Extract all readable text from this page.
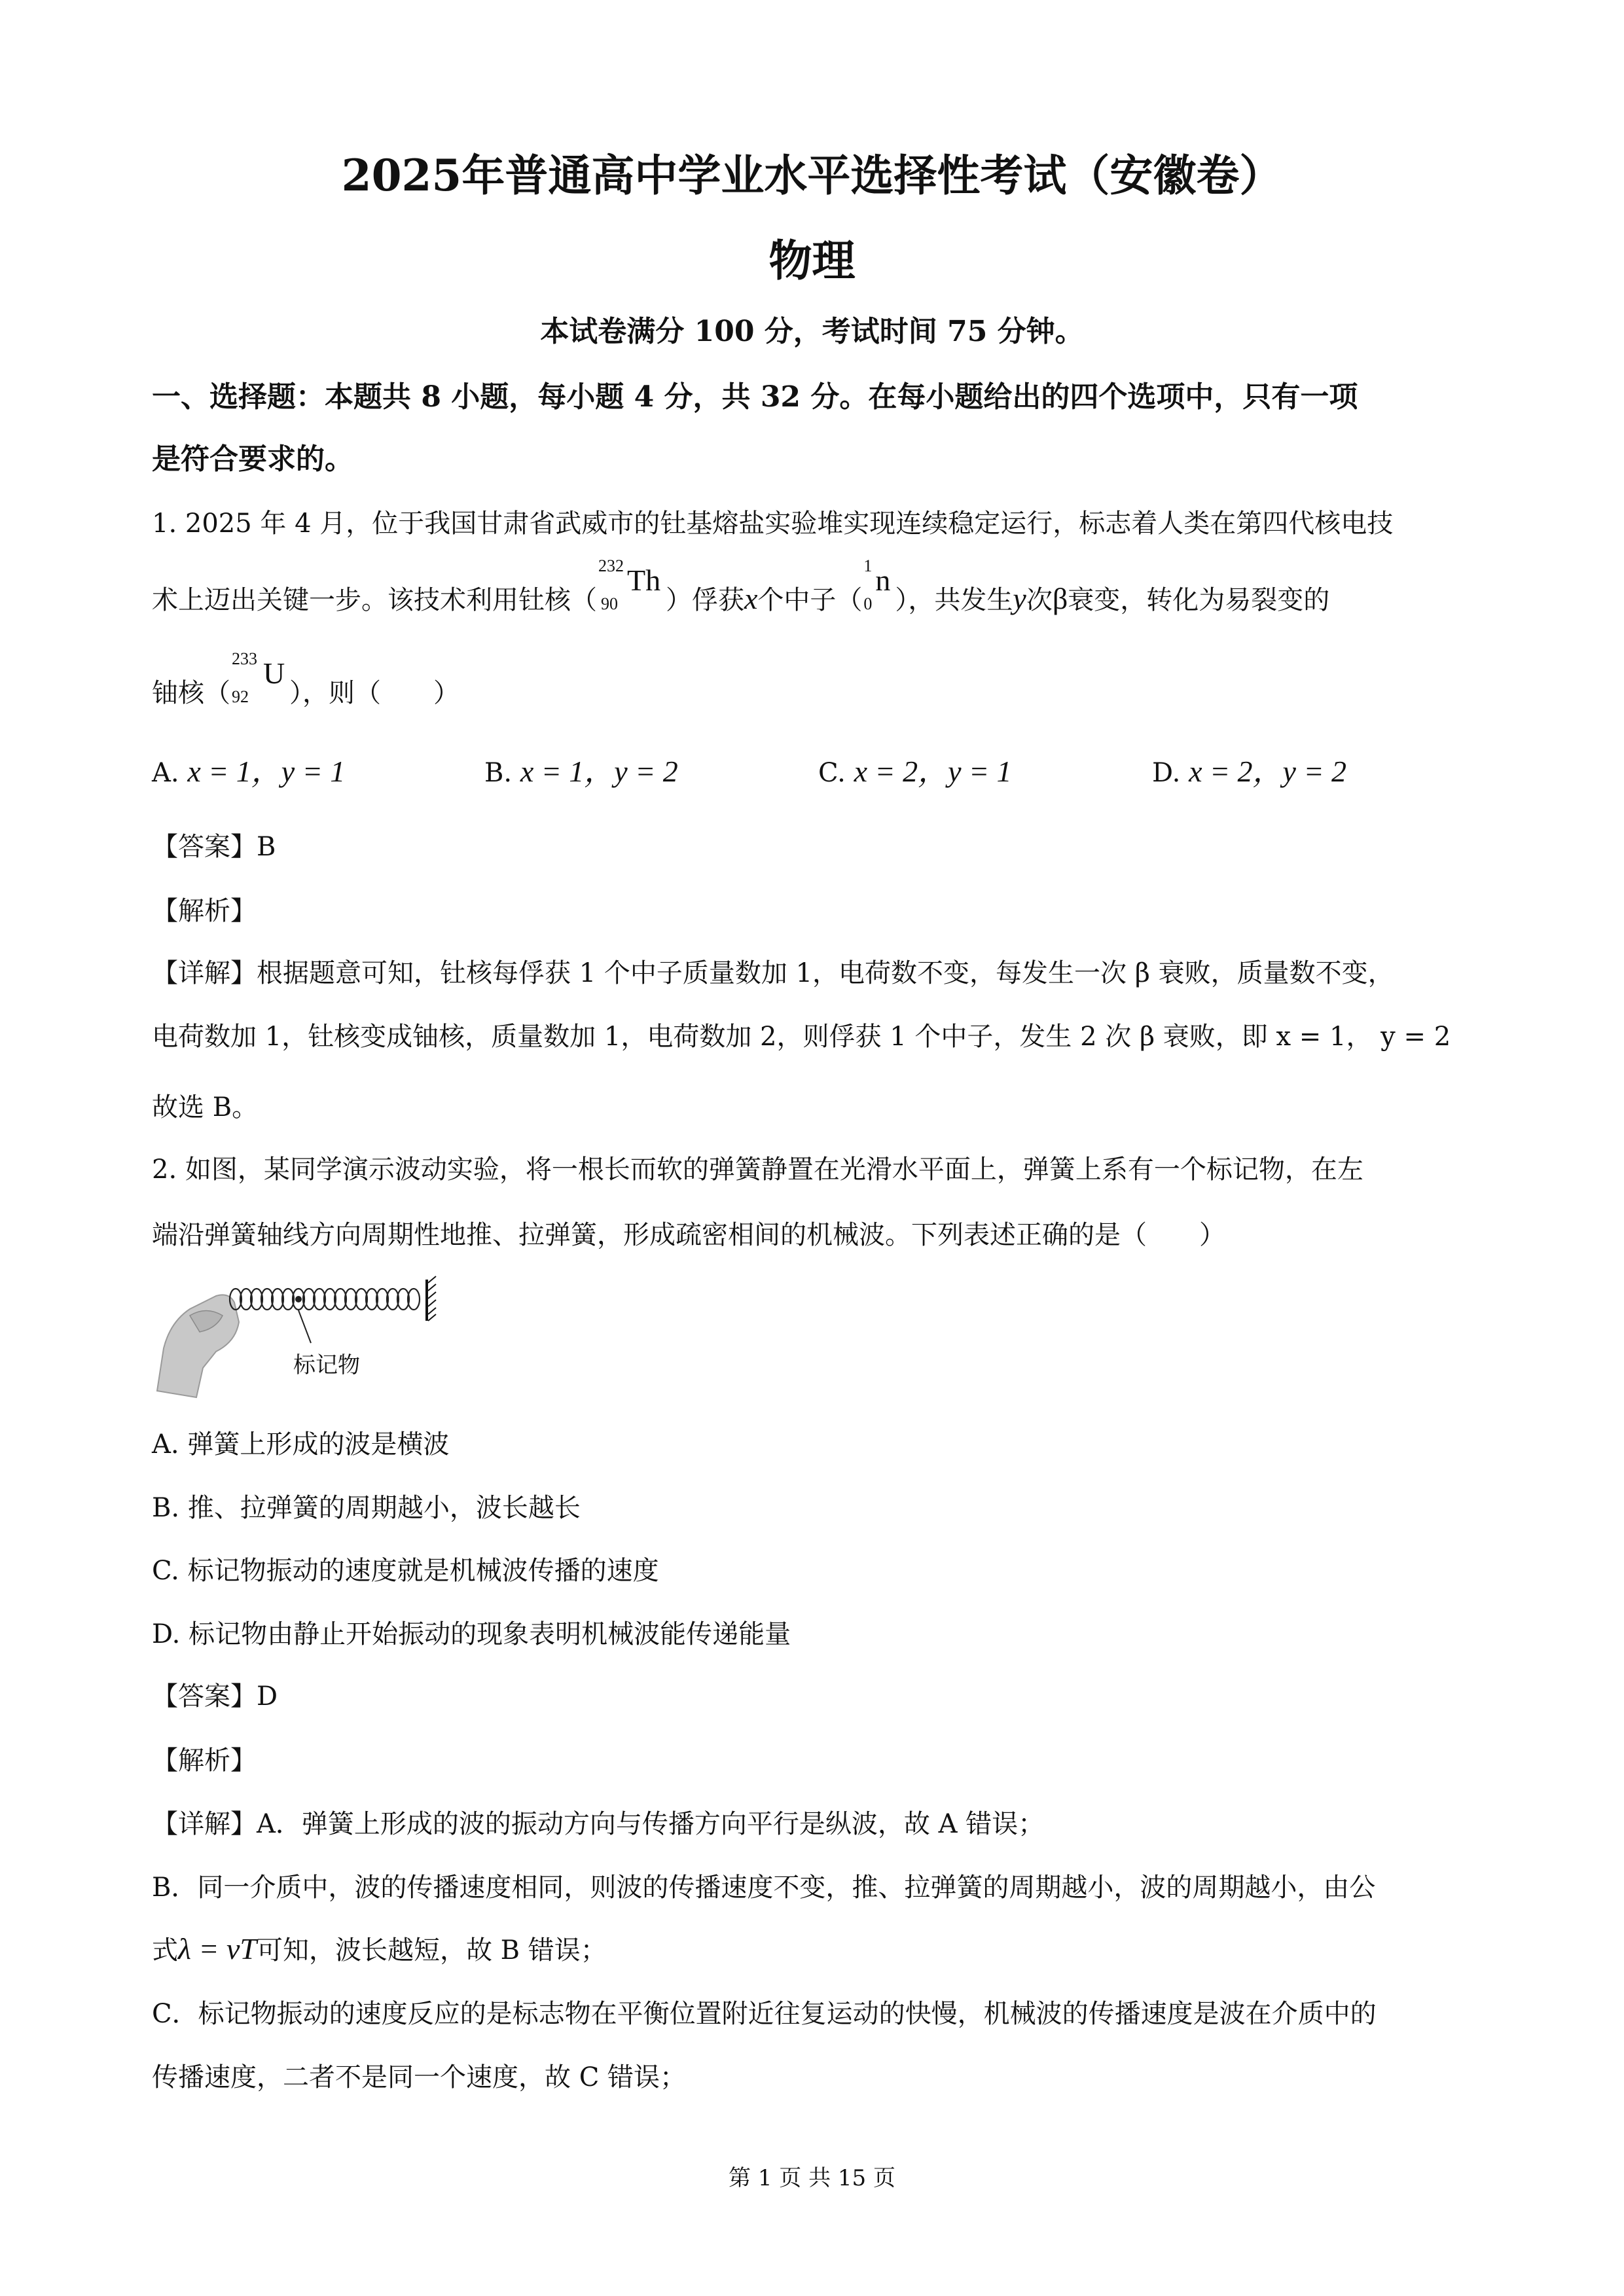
2025年普通高中学业水平选择性考试（安徽卷）
物理
本试卷满分 100 分，考试时间 75 分钟。
一、选择题：本题共 8 小题，每小题 4 分，共 32 分。在每小题给出的四个选项中，只有一项
是符合要求的。
1. 2025 年 4 月，位于我国甘肃省武威市的钍基熔盐实验堆实现连续稳定运行，标志着人类在第四代核电技
术上迈出关键一步。该技术利用钍核（
232
90
Th
）俘获x个中子（
1
0
n
），共发生y次β衰变，转化为易裂变的
铀核（
233
92
U
），则（　　）
A. x = 1，y = 1	B. x = 1，y = 2	C. x = 2，y = 1	D. x = 2，y = 2
【答案】B
【解析】
【详解】根据题意可知，钍核每俘获 1 个中子质量数加 1，电荷数不变，每发生一次 β 衰败，质量数不变，
电荷数加 1，钍核变成铀核，质量数加 1，电荷数加 2，则俘获 1 个中子，发生 2 次 β 衰败，即 x = 1， y = 2
故选 B。
2. 如图，某同学演示波动实验，将一根长而软的弹簧静置在光滑水平面上，弹簧上系有一个标记物，在左
端沿弹簧轴线方向周期性地推、拉弹簧，形成疏密相间的机械波。下列表述正确的是（　　）
标记物
A. 弹簧上形成的波是横波
B. 推、拉弹簧的周期越小，波长越长
C. 标记物振动的速度就是机械波传播的速度
D. 标记物由静止开始振动的现象表明机械波能传递能量
【答案】D
【解析】
【详解】A．弹簧上形成的波的振动方向与传播方向平行是纵波，故 A 错误；
B．同一介质中，波的传播速度相同，则波的传播速度不变，推、拉弹簧的周期越小，波的周期越小，由公
式λ = vT可知，波长越短，故 B 错误；
C．标记物振动的速度反应的是标志物在平衡位置附近往复运动的快慢，机械波的传播速度是波在介质中的
传播速度，二者不是同一个速度，故 C 错误；
第 1 页 共 15 页
